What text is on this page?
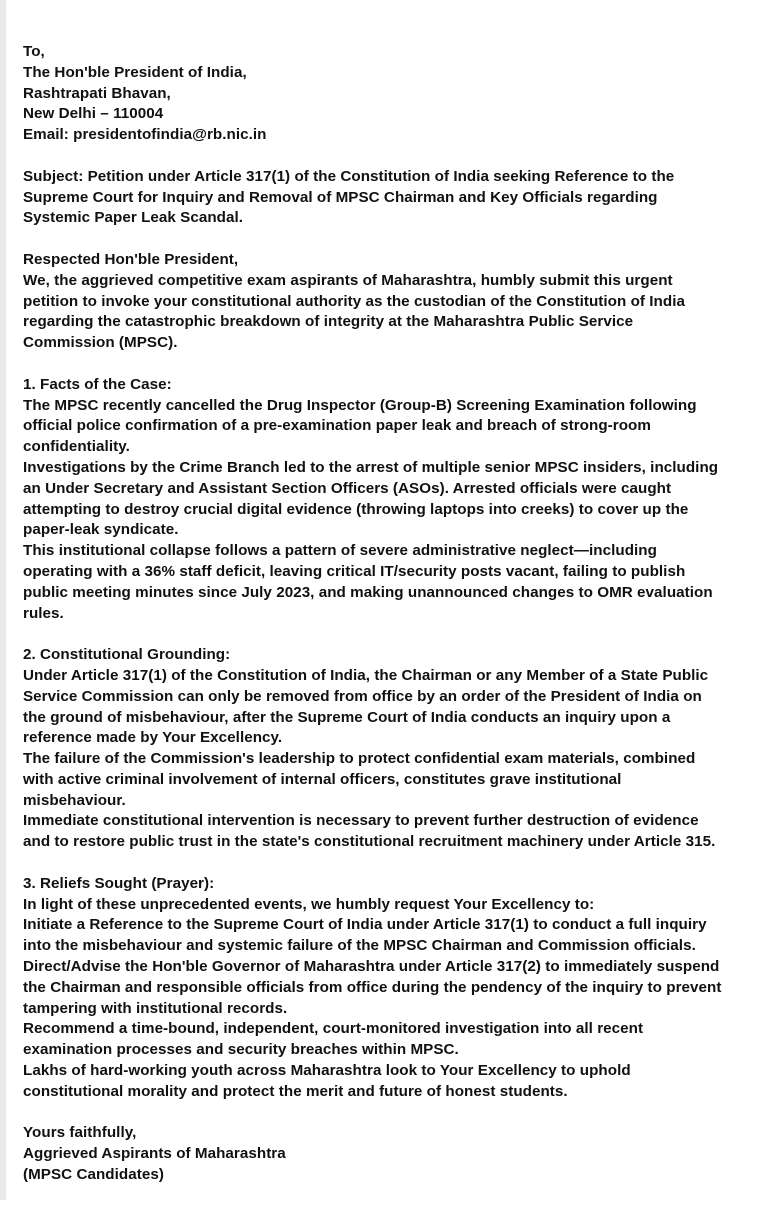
To,

The Hon'ble President of India,

Rashtrapati Bhavan,

New Delhi – 110004

Email: presidentofindia@rb.nic.in

Subject: Petition under Article 317(1) of the Constitution of India seeking Reference to the

Supreme Court for Inquiry and Removal of MPSC Chairman and Key Officials regarding

Systemic Paper Leak Scandal.

Respected Hon'ble President,

We, the aggrieved competitive exam aspirants of Maharashtra, humbly submit this urgent

petition to invoke your constitutional authority as the custodian of the Constitution of India

regarding the catastrophic breakdown of integrity at the Maharashtra Public Service

Commission (MPSC).

1. Facts of the Case:

The MPSC recently cancelled the Drug Inspector (Group-B) Screening Examination following

official police confirmation of a pre-examination paper leak and breach of strong-room

confidentiality.

Investigations by the Crime Branch led to the arrest of multiple senior MPSC insiders, including

an Under Secretary and Assistant Section Officers (ASOs). Arrested officials were caught

attempting to destroy crucial digital evidence (throwing laptops into creeks) to cover up the

paper-leak syndicate.

This institutional collapse follows a pattern of severe administrative neglect—including

operating with a 36% staff deficit, leaving critical IT/security posts vacant, failing to publish

public meeting minutes since July 2023, and making unannounced changes to OMR evaluation

rules.

2. Constitutional Grounding:

Under Article 317(1) of the Constitution of India, the Chairman or any Member of a State Public

Service Commission can only be removed from office by an order of the President of India on

the ground of misbehaviour, after the Supreme Court of India conducts an inquiry upon a

reference made by Your Excellency.

The failure of the Commission's leadership to protect confidential exam materials, combined

with active criminal involvement of internal officers, constitutes grave institutional

misbehaviour.

Immediate constitutional intervention is necessary to prevent further destruction of evidence

and to restore public trust in the state's constitutional recruitment machinery under Article 315.

3. Reliefs Sought (Prayer):

In light of these unprecedented events, we humbly request Your Excellency to:

Initiate a Reference to the Supreme Court of India under Article 317(1) to conduct a full inquiry

into the misbehaviour and systemic failure of the MPSC Chairman and Commission officials.

Direct/Advise the Hon'ble Governor of Maharashtra under Article 317(2) to immediately suspend

the Chairman and responsible officials from office during the pendency of the inquiry to prevent

tampering with institutional records.

Recommend a time-bound, independent, court-monitored investigation into all recent

examination processes and security breaches within MPSC.

Lakhs of hard-working youth across Maharashtra look to Your Excellency to uphold

constitutional morality and protect the merit and future of honest students.

Yours faithfully,

Aggrieved Aspirants of Maharashtra

(MPSC Candidates)
